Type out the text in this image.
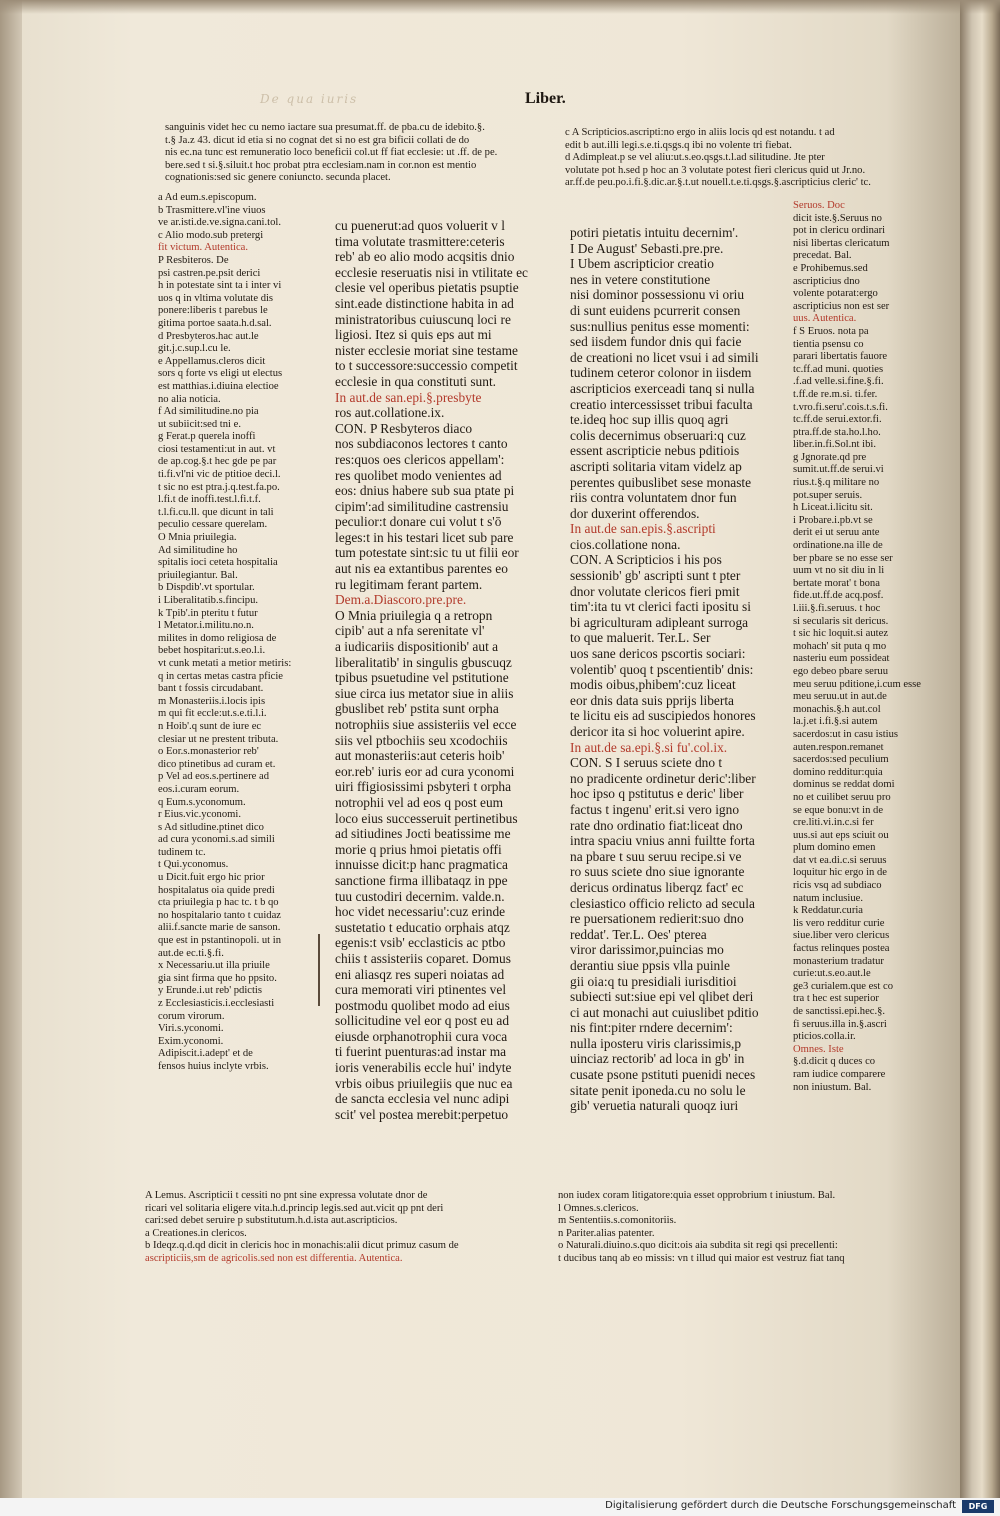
De qua iuris	Liber.

sanguinis videt hec cu nemo iactare sua presumat.ff. de pba.cu de idebito.§.

t.§ Ja.z 43. dicut id etia si no cognat det si no est gra bificii collati de do

nis ec.na tunc est remuneratio loco beneficii col.ut ff fiat ecclesie: ut .ff. de pe.

bere.sed t si.§.siluit.t hoc probat ptra ecclesiam.nam in cor.non est mentio

cognationis:sed sic genere coniuncto. secunda placet.

a Ad eum.s.episcopum.

b Trasmittere.vl'ine viuos

ve ar.isti.de.ve.signa.cani.tol.

c Alio modo.sub pretergi

fit victum. Autentica.

P Resbiteros. De

psi castren.pe.psit derici

h in potestate sint ta i inter vi

uos q in vltima volutate dis

ponere:liberis t parebus le

gitima portoe saata.h.d.sal.

d Presbyteros.hac aut.le

git.j.c.sup.l.cu le.

e Appellamus.cleros dicit

sors q forte vs eligi ut electus

est matthias.i.diuina electioe

no alia noticia.

f Ad similitudine.no pia

ut subiicit:sed tni e.

g Ferat.p querela inoffi

ciosi testamenti:ut in aut. vt

de ap.cog.§.t hec gde pe par

ti.fi.vl'ni vic de ptitioe deci.l.

t sic no est ptra.j.q.test.fa.po.

l.fi.t de inoffi.test.l.fi.t.f.

t.l.fi.cu.ll. que dicunt in tali

peculio cessare querelam.

O Mnia priuilegia.

Ad similitudine ho

spitalis ioci ceteta hospitalia

priuilegiantur. Bal.

b Dispdib'.vt sportular.

i Liberalitatib.s.fincipu.

k Tpib'.in pteritu t futur

l Metator.i.militu.no.n.

milites in domo religiosa de

bebet hospitari:ut.s.eo.l.i.

vt cunk metati a metior metiris:

q in certas metas castra pficie

bant t fossis circudabant.

m Monasteriis.i.locis ipis

m qui fit eccle:ut.s.e.ti.l.i.

n Hoib'.q sunt de iure ec

clesiar ut ne prestent tributa.

o Eor.s.monasterior reb'

dico ptinetibus ad curam et.

p Vel ad eos.s.pertinere ad

eos.i.curam eorum.

q Eum.s.yconomum.

r Eius.vic.yconomi.

s Ad sitludine.ptinet dico

ad cura yconomi.s.ad simili

tudinem tc.

t Qui.yconomus.

u Dicit.fuit ergo hic prior

hospitalatus oia quide predi

cta priuilegia p hac tc. t b qo

no hospitalario tanto t cuidaz

alii.f.sancte marie de sanson.

que est in pstantinopoli. ut in

aut.de ec.ti.§.fi.

x Necessariu.ut illa priuile

gia sint firma que ho ppsito.

y Erunde.i.ut reb' pdictis

z Ecclesiasticis.i.ecclesiasti

corum virorum.

Viri.s.yconomi.

Exim.yconomi.

Adipiscit.i.adept' et de

fensos huius inclyte vrbis.

cu puenerut:ad quos voluerit v l

tima volutate trasmittere:ceteris

reb' ab eo alio modo acqsitis dnio

ecclesie reseruatis nisi in vtilitate ec

clesie vel operibus pietatis psuptie

sint.eade distinctione habita in ad

ministratoribus cuiuscunq loci re

ligiosi. Itez si quis eps aut mi

nister ecclesie moriat sine testame

to t successore:successio competit

ecclesie in qua constituti sunt.

In aut.de san.epi.§.presbyte

ros aut.collatione.ix.

CON. P Resbyteros diaco

nos subdiaconos lectores t canto

res:quos oes clericos appellam':

res quolibet modo venientes ad

eos: dnius habere sub sua ptate pi

cipim':ad similitudine castrensiu

peculior:t donare cui volut t s'ō

leges:t in his testari licet sub pare

tum potestate sint:sic tu ut filii eor

aut nis ea extantibus parentes eo

ru legitimam ferant partem.

Dem.a.Diascoro.pre.pre.

O Mnia priuilegia q a retropn

cipib' aut a nfa serenitate vl'

a iudicariis dispositionib' aut a

liberalitatib' in singulis gbuscuqz

tpibus psuetudine vel pstitutione

siue circa ius metator siue in aliis

gbuslibet reb' pstita sunt orpha

notrophiis siue assisteriis vel ecce

siis vel ptbochiis seu xcodochiis

aut monasteriis:aut ceteris hoib'

eor.reb' iuris eor ad cura yconomi

uiri ffigiosissimi psbyteri t orpha

notrophii vel ad eos q post eum

loco eius successeruit pertinetibus

ad sitiudines Jocti beatissime me

morie q prius hmoi pietatis offi

innuisse dicit:p hanc pragmatica

sanctione firma illibataqz in ppe

tuu custodiri decernim. valde.n.

hoc videt necessariu':cuz erinde

sustetatio t educatio orphais atqz

egenis:t vsib' ecclasticis ac ptbo

chiis t assisteriis coparet. Domus

eni aliasqz res superi noiatas ad

cura memorati viri ptinentes vel

postmodu quolibet modo ad eius

sollicitudine vel eor q post eu ad

eiusde orphanotrophii cura voca

ti fuerint puenturas:ad instar ma

ioris venerabilis eccle hui' indyte

vrbis oibus priuilegiis que nuc ea

de sancta ecclesia vel nunc adipi

scit' vel postea merebit:perpetuo

c A Scripticios.ascripti:no ergo in aliis locis qd est notandu. t ad

edit b aut.illi legi.s.e.ti.qsgs.q ibi no volente tri fiebat.

d Adimpleat.p se vel aliu:ut.s.eo.qsgs.t.l.ad silitudine. Jte pter

volutate pot h.sed p hoc an 3 volutate potest fieri clericus quid ut Jr.no.

ar.ff.de peu.po.i.fi.§.dic.ar.§.t.ut nouell.t.e.ti.qsgs.§.ascripticius cleric' tc.

potiri pietatis intuitu decernim'.

I De August' Sebasti.pre.pre.

I Ubem ascripticior creatio

nes in vetere constitutione

nisi dominor possessionu vi oriu

di sunt euidens pcurrerit consen

sus:nullius penitus esse momenti:

sed iisdem fundor dnis qui facie

de creationi no licet vsui i ad simili

tudinem ceteror colonor in iisdem

ascripticios exerceadi tanq si nulla

creatio intercessisset tribui faculta

te.ideq hoc sup illis quoq agri

colis decernimus obseruari:q cuz

essent ascripticie nebus pditiois

ascripti solitaria vitam videlz ap

perentes quibuslibet sese monaste

riis contra voluntatem dnor fun

dor duxerint offerendos.

In aut.de san.epis.§.ascripti

cios.collatione nona.

CON. A Scripticios i his pos

sessionib' gb' ascripti sunt t pter

dnor volutate clericos fieri pmit

tim':ita tu vt clerici facti ipositu si

bi agriculturam adipleant surroga

to que maluerit. Ter.L. Ser

uos sane dericos pscortis sociari:

volentib' quoq t pscentientib' dnis:

modis oibus,phibem':cuz liceat

eor dnis data suis pprijs liberta

te licitu eis ad suscipiedos honores

dericor ita si hoc voluerint apire.

In aut.de sa.epi.§.si fu'.col.ix.

CON. S I seruus sciete dno t

no pradicente ordinetur deric':liber

hoc ipso q pstitutus e deric' liber

factus t ingenu' erit.si vero igno

rate dno ordinatio fiat:liceat dno

intra spaciu vnius anni fuiltte forta

na pbare t suu seruu recipe.si ve

ro suus sciete dno siue ignorante

dericus ordinatus liberqz fact' ec

clesiastico officio relicto ad secula

re puersationem redierit:suo dno

reddat'. Ter.L. Oes' pterea

viror darissimor,puincias mo

derantiu siue ppsis vlla puinle

gii oia:q tu presidiali iurisditioi

subiecti sut:siue epi vel qlibet deri

ci aut monachi aut cuiuslibet pditio

nis fint:piter rndere decernim':

nulla iposteru viris clarissimis,p

uinciaz rectorib' ad loca in gb' in

cusate psone pstituti puenidi neces

sitate penit iponeda.cu no solu le

gib' veruetia naturali quoqz iuri

Seruos. Doc

dicit iste.§.Seruus no

pot in clericu ordinari

nisi libertas clericatum

precedat. Bal.

e Prohibemus.sed

ascripticius dno

volente potarat:ergo

ascripticius non est ser

uus. Autentica.

f S Eruos. nota pa

tientia psensu co

parari libertatis fauore

tc.ff.ad muni. quoties

.f.ad velle.si.fine.§.fi.

t.ff.de re.m.si. ti.fer.

t.vro.fi.seru'.cois.t.s.fi.

tc.ff.de serui.extor.fi.

ptra.ff.de sta.ho.l.ho.

liber.in.fi.Sol.nt ibi.

g Jgnorate.qd pre

sumit.ut.ff.de serui.vi

rius.t.§.q militare no

pot.super seruis.

h Liceat.i.licitu sit.

i Probare.i.pb.vt se

derit ei ut seruu ante

ordinatione.na ille de

ber pbare se no esse ser

uum vt no sit diu in li

bertate morat' t bona

fide.ut.ff.de acq.posf.

l.iii.§.fi.seruus. t hoc

si secularis sit dericus.

t sic hic loquit.si autez

mohach' sit puta q mo

nasteriu eum possideat

ego debeo pbare seruu

meu seruu pditione,i.cum esse

meu seruu.ut in aut.de

monachis.§.h aut.col

la.j.et i.fi.§.si autem

sacerdos:ut in casu istius

auten.respon.remanet

sacerdos:sed peculium

domino redditur:quia

dominus se reddat domi

no et cuilibet seruu pro

se eque bonu:vt in de

cre.liti.vi.in.c.si fer

uus.si aut eps sciuit ou

plum domino emen

dat vt ea.di.c.si seruus

loquitur hic ergo in de

ricis vsq ad subdiaco

natum inclusiue.

k Reddatur.curia

lis vero redditur curie

siue.liber vero clericus

factus relinques postea

monasterium tradatur

curie:ut.s.eo.aut.le

ge3 curialem.que est co

tra t hec est superior

de sanctissi.epi.hec.§.

fi seruus.illa in.§.ascri

pticios.colla.ir.

Omnes. Iste

§.d.dicit q duces co

ram iudice comparere

non iniustum. Bal.

non iudex coram litigatore:quia esset opprobrium t iniustum. Bal.

l Omnes.s.clericos.

m Sententiis.s.comonitoriis.

n Pariter.alias patenter.

o Naturali.diuino.s.quo dicit:ois aia subdita sit regi qsi precellenti:

t ducibus tanq ab eo missis: vn t illud qui maior est vestruz fiat tanq

A Lemus. Ascripticii t cessiti no pnt sine expressa volutate dnor de

ricari vel solitaria eligere vita.h.d.princip legis.sed aut.vicit qp pnt deri

cari:sed debet seruire p substitutum.h.d.ista aut.ascripticios.

a Creationes.in clericos.

b Ideqz.q.d.qd dicit in clericis hoc in monachis:alii dicut primuz casum de

ascripticiis,sm de agricolis.sed non est differentia. Autentica.

Digitalisierung gefördert durch die Deutsche Forschungsgemeinschaft	DFG
